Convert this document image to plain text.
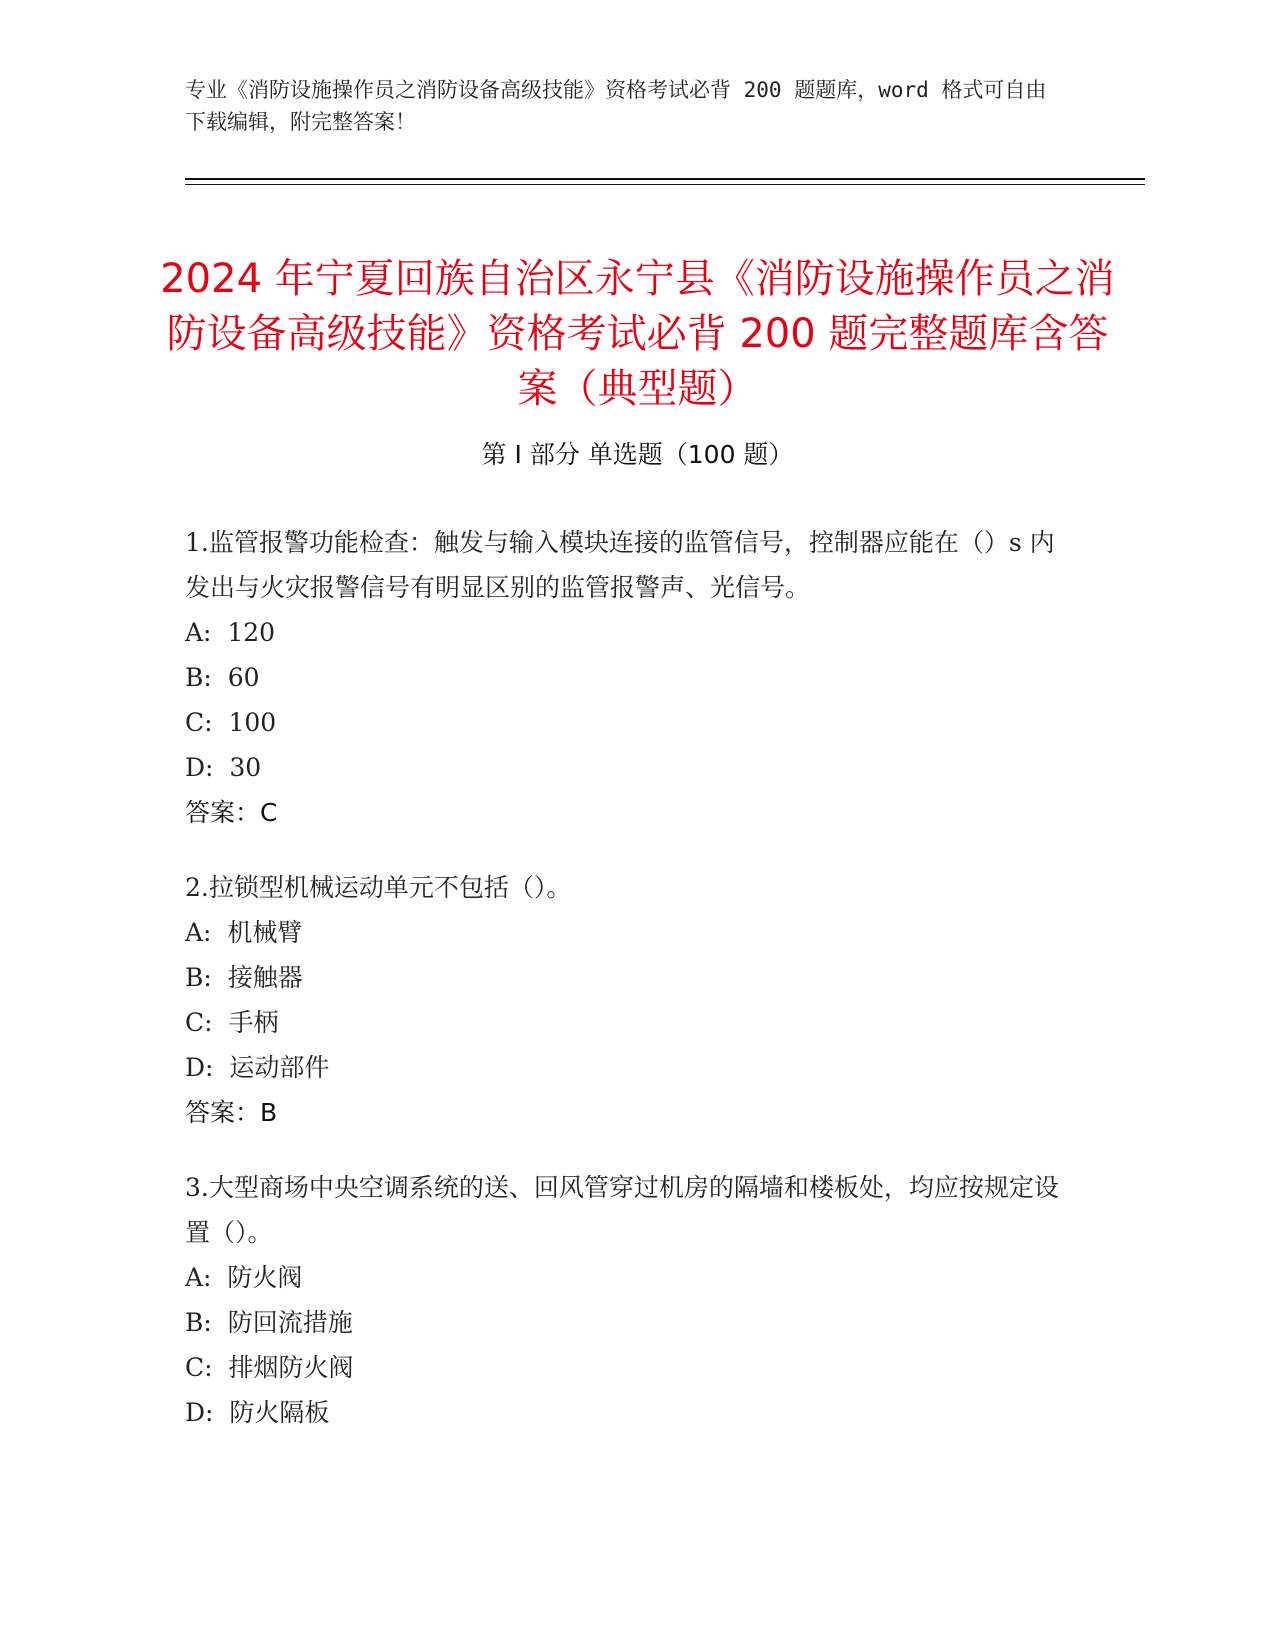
专业《消防设施操作员之消防设备高级技能》资格考试必背 200 题题库，word 格式可自由下载编辑，附完整答案！
2024 年宁夏回族自治区永宁县《消防设施操作员之消防设备高级技能》资格考试必背 200 题完整题库含答案（典型题）
第 I 部分 单选题（100 题）
1.监管报警功能检查：触发与输入模块连接的监管信号，控制器应能在（）s 内发出与火灾报警信号有明显区别的监管报警声、光信号。
A:  120
B:  60
C:  100
D:  30
答案：C
2.拉锁型机械运动单元不包括（）。
A:  机械臂
B:  接触器
C:  手柄
D:  运动部件
答案：B
3.大型商场中央空调系统的送、回风管穿过机房的隔墙和楼板处，均应按规定设置（）。
A:  防火阀
B:  防回流措施
C:  排烟防火阀
D:  防火隔板
